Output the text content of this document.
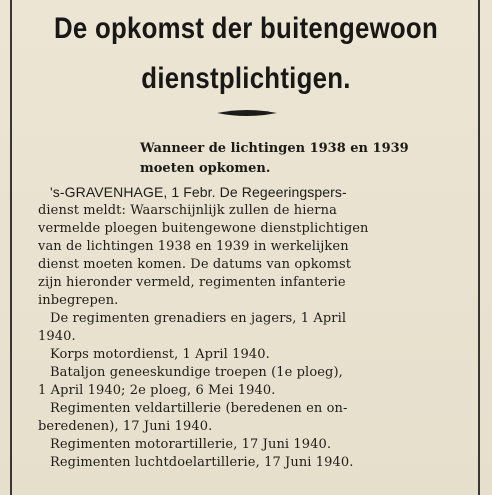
De opkomst der buitengewoon
dienstplichtigen.
Wanneer de lichtingen 1938 en 1939
moeten opkomen.
's-GRAVENHAGE, 1 Febr. De Regeeringspers-
dienst meldt: Waarschijnlijk zullen de hierna
vermelde ploegen buitengewone dienstplichtigen
van de lichtingen 1938 en 1939 in werkelijken
dienst moeten komen. De datums van opkomst
zijn hieronder vermeld, regimenten infanterie
inbegrepen.
De regimenten grenadiers en jagers, 1 April
1940.
Korps motordienst, 1 April 1940.
Bataljon geneeskundige troepen (1e ploeg),
1 April 1940; 2e ploeg, 6 Mei 1940.
Regimenten veldartillerie (beredenen en on-
beredenen), 17 Juni 1940.
Regimenten motorartillerie, 17 Juni 1940.
Regimenten luchtdoelartillerie, 17 Juni 1940.
